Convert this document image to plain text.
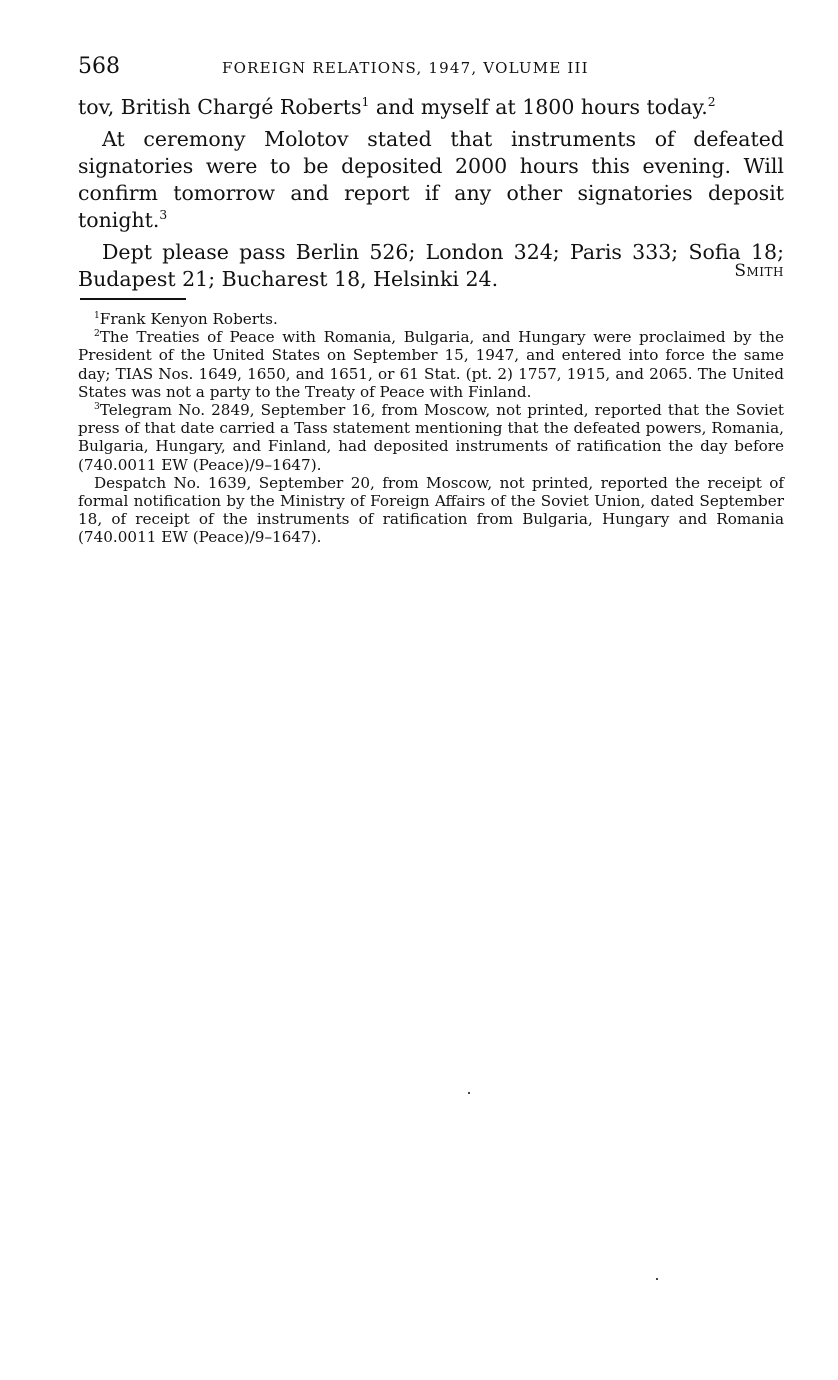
568	FOREIGN RELATIONS, 1947, VOLUME III

tov, British Chargé Roberts$^1$ and myself at 1800 hours today.$^2$

At ceremony Molotov stated that instruments of defeated signatories were to be deposited 2000 hours this evening. Will confirm tomorrow and report if any other signatories deposit tonight.$^3$

Dept please pass Berlin 526; London 324; Paris 333; Sofia 18; Budapest 21; Bucharest 18, Helsinki 24.	Smith

$^1$Frank Kenyon Roberts.

$^2$The Treaties of Peace with Romania, Bulgaria, and Hungary were proclaimed by the President of the United States on September 15, 1947, and entered into force the same day; TIAS Nos. 1649, 1650, and 1651, or 61 Stat. (pt. 2) 1757, 1915, and 2065. The United States was not a party to the Treaty of Peace with Finland.

$^3$Telegram No. 2849, September 16, from Moscow, not printed, reported that the Soviet press of that date carried a Tass statement mentioning that the defeated powers, Romania, Bulgaria, Hungary, and Finland, had deposited instruments of ratification the day before (740.0011 EW (Peace)/9–1647).

Despatch No. 1639, September 20, from Moscow, not printed, reported the receipt of formal notification by the Ministry of Foreign Affairs of the Soviet Union, dated September 18, of receipt of the instruments of ratification from Bulgaria, Hungary and Romania (740.0011 EW (Peace)/9–1647).
